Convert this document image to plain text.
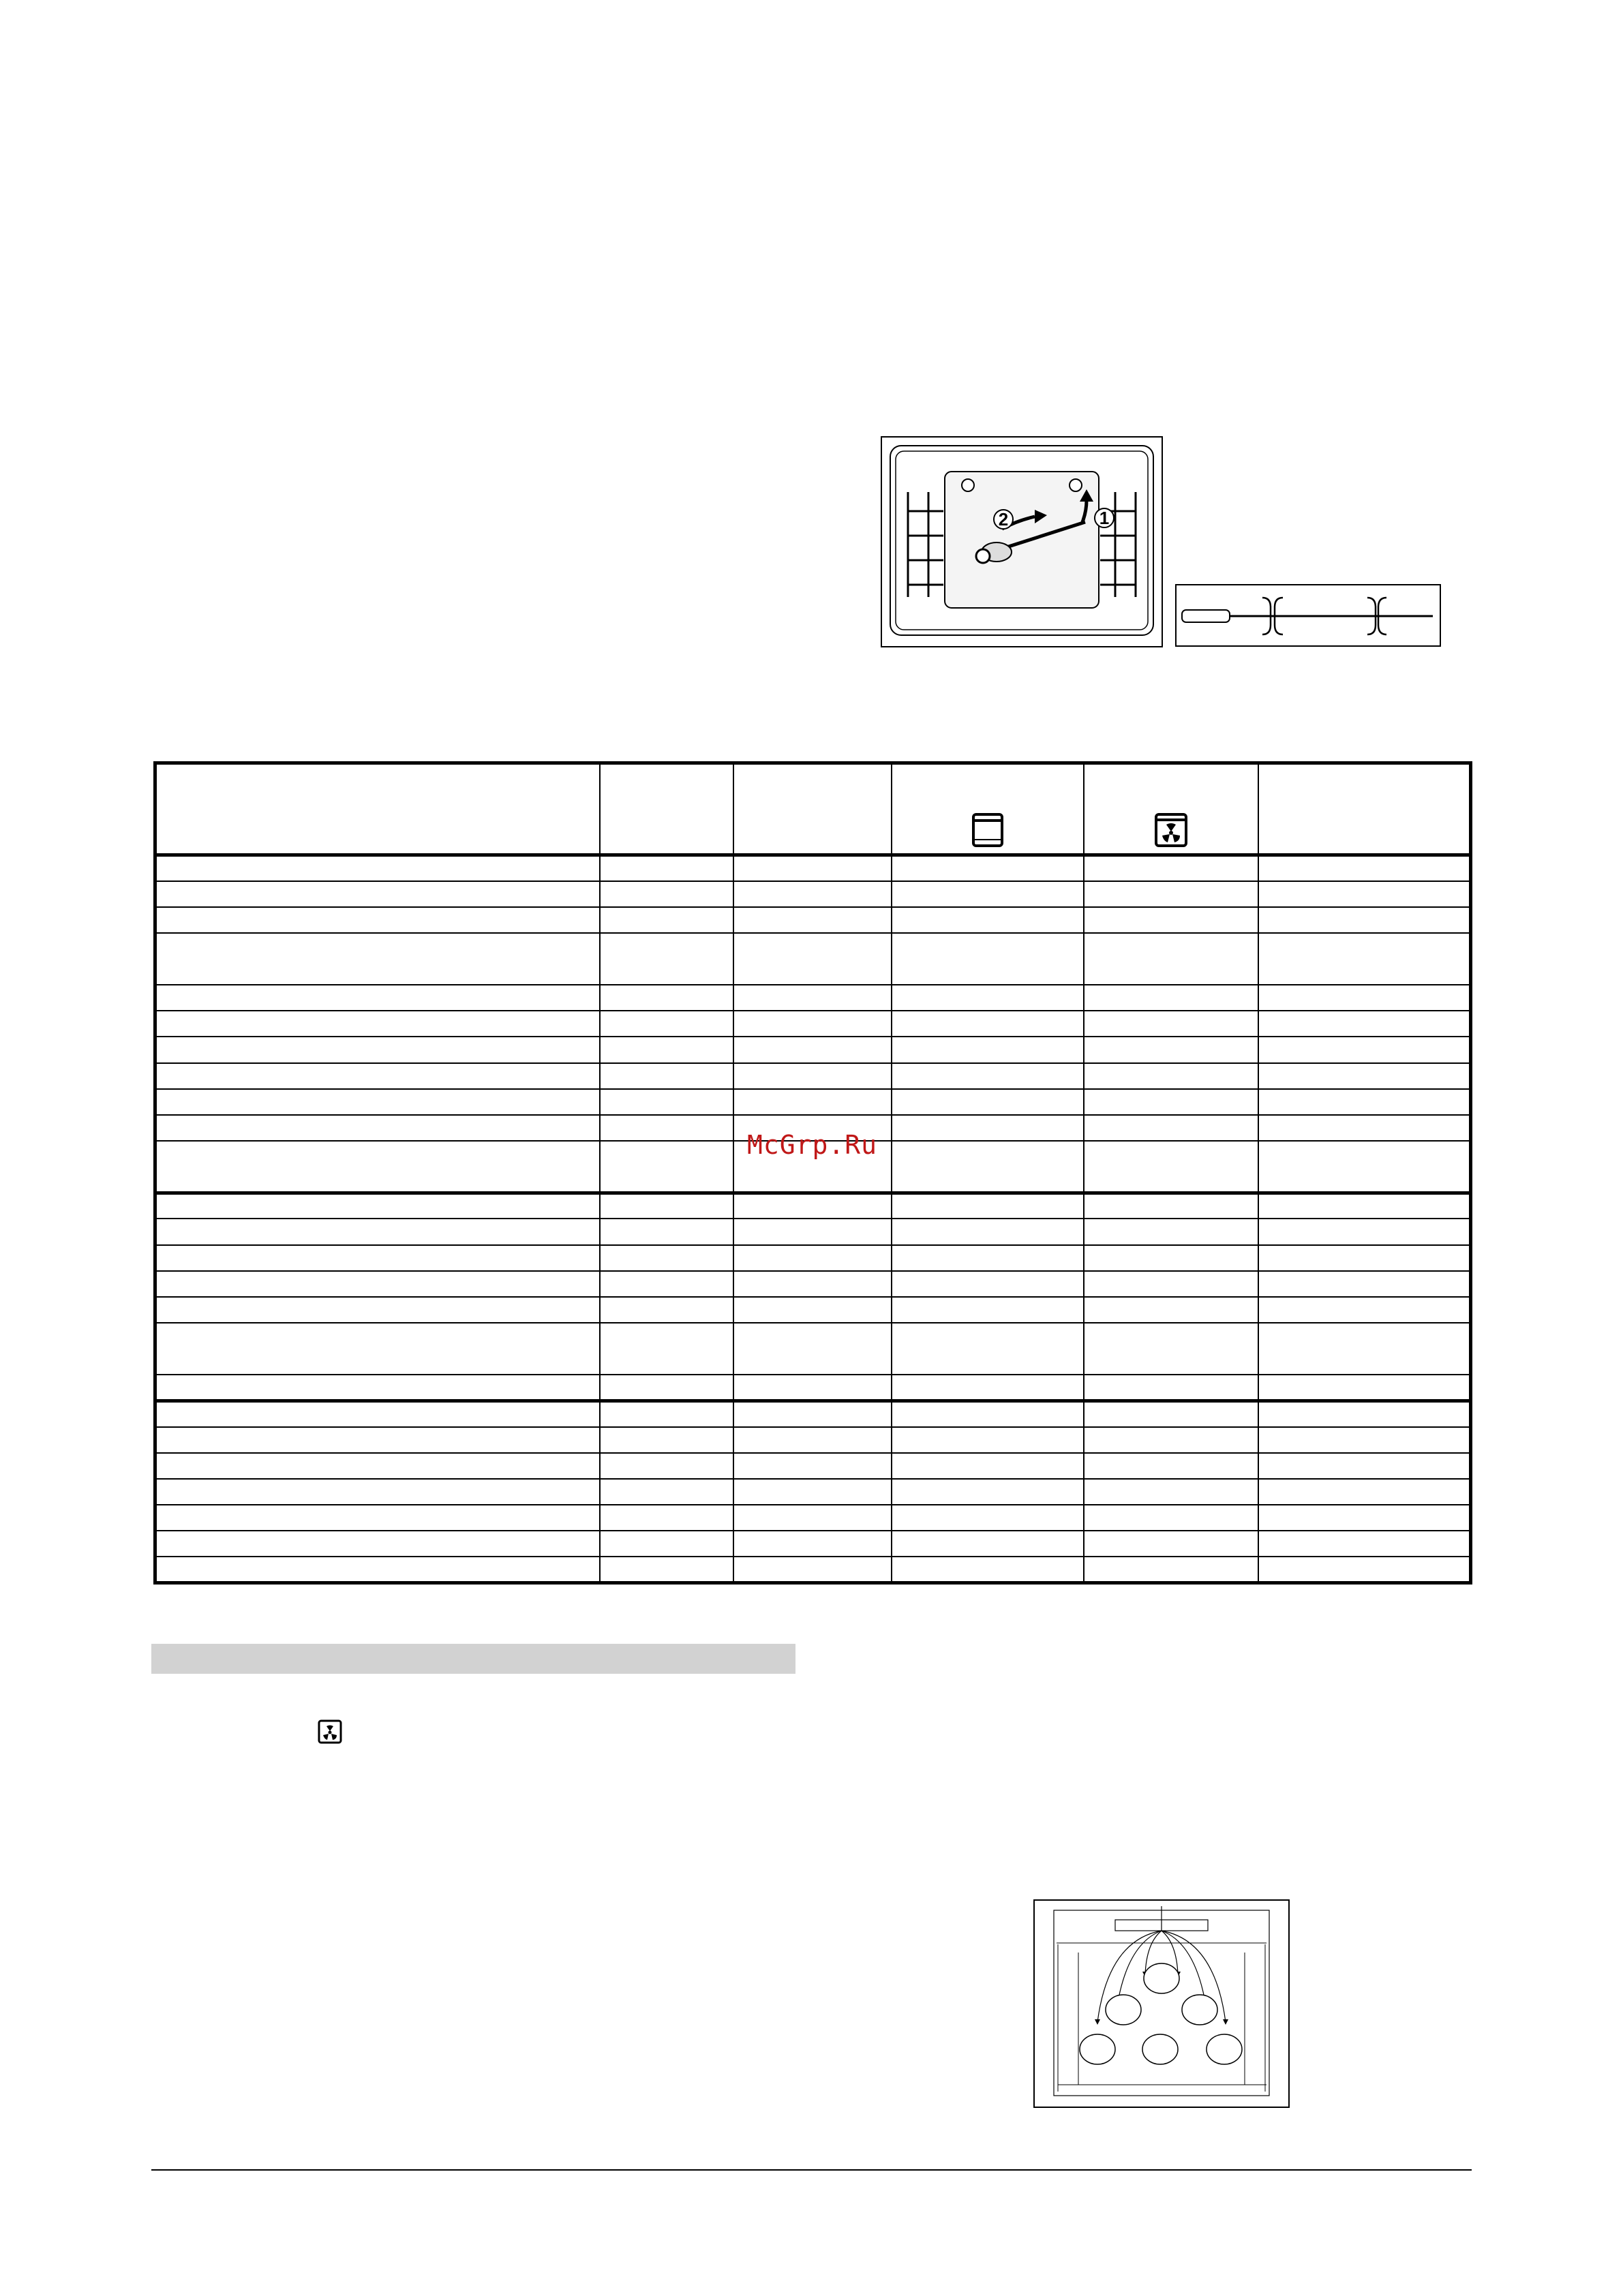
2	1

McGrp.Ru
